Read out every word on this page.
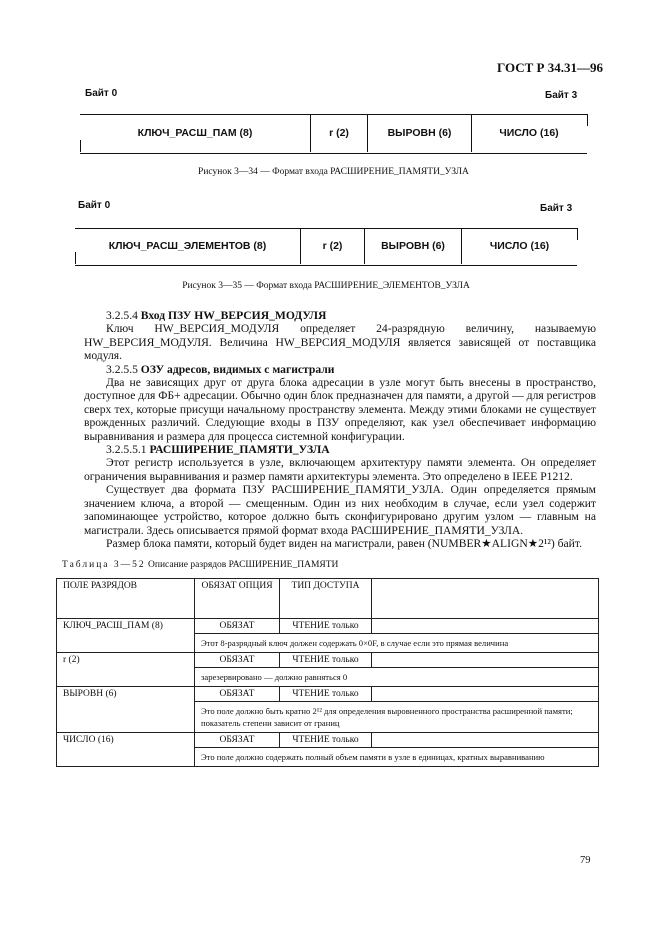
ГОСТ Р 34.31—96
Байт 0	Байт 3
КЛЮЧ_РАСШ_ПАМ (8)	r (2)	ВЫРОВН (6)	ЧИСЛО (16)
Рисунок 3—34 — Формат входа РАСШИРЕНИЕ_ПАМЯТИ_УЗЛА
Байт 0	Байт 3
КЛЮЧ_РАСШ_ЭЛЕМЕНТОВ (8)	r (2)	ВЫРОВН (6)	ЧИСЛО (16)
Рисунок 3—35 — Формат входа РАСШИРЕНИЕ_ЭЛЕМЕНТОВ_УЗЛА

3.2.5.4 Вход ПЗУ HW_ВЕРСИЯ_МОДУЛЯ

Ключ HW_ВЕРСИЯ_МОДУЛЯ определяет 24-разрядную величину, называемую HW_ВЕРСИЯ_МОДУЛЯ. Величина HW_ВЕРСИЯ_МОДУЛЯ является зависящей от поставщика модуля.

3.2.5.5 ОЗУ адресов, видимых с магистрали

Два не зависящих друг от друга блока адресации в узле могут быть внесены в пространство, доступное для ФБ+ адресации. Обычно один блок предназначен для памяти, а другой — для регистров сверх тех, которые присущи начальному пространству элемента. Между этими блоками не существует врожденных различий. Следующие входы в ПЗУ определяют, как узел обеспечивает информацию выравнивания и размера для процесса системной конфигурации.

3.2.5.5.1 РАСШИРЕНИЕ_ПАМЯТИ_УЗЛА

Этот регистр используется в узле, включающем архитектуру памяти элемента. Он определяет ограничения выравнивания и размер памяти архитектуры элемента. Это определено в IEEE P1212.

Существует два формата ПЗУ РАСШИРЕНИЕ_ПАМЯТИ_УЗЛА. Один определяется прямым значением ключа, а второй — смещенным. Один из них необходим в случае, если узел содержит запоминающее устройство, которое должно быть сконфигурировано другим узлом — главным на магистрали. Здесь описывается прямой формат входа РАСШИРЕНИЕ_ПАМЯТИ_УЗЛА.

Размер блока памяти, который будет виден на магистрали, равен (NUMBER★ALIGN★2¹²) байт.

Таблица 3—52 Описание разрядов РАСШИРЕНИЕ_ПАМЯТИ
ПОЛЕ РАЗРЯДОВ	ОБЯЗАТ ОПЦИЯ	ТИП ДОСТУПА	
КЛЮЧ_РАСШ_ПАМ (8)	ОБЯЗАТ	ЧТЕНИЕ только	
	Этот 8-разрядный ключ должен содержать 0×0F, в случае если это прямая величина		
r (2)	ОБЯЗАТ	ЧТЕНИЕ только	
	зарезервировано — должно равняться 0		
ВЫРОВН (6)	ОБЯЗАТ	ЧТЕНИЕ только	
	Это поле должно быть кратно 2¹² для определения выровненного пространства расширенной памяти; показатель степени зависит от границ		
ЧИСЛО (16)	ОБЯЗАТ	ЧТЕНИЕ только	
	Это поле должно содержать полный объем памяти в узле в единицах, кратных выравниванию		
79
